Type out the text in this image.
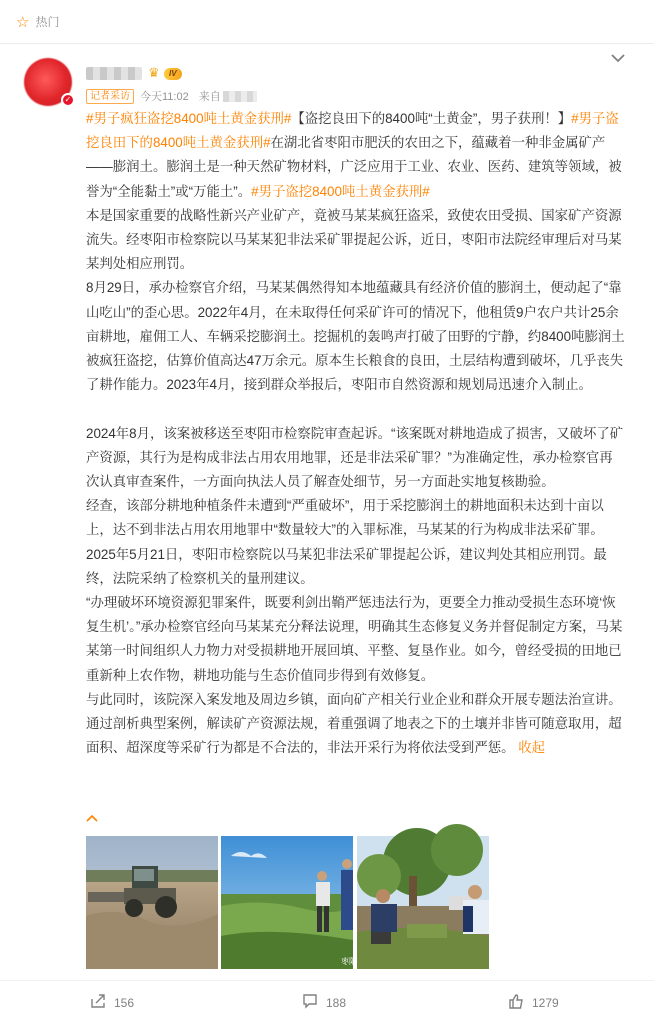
☆ 热门
✓
♛	IV
记者采访 今天11:02 来自

#男子疯狂盗挖8400吨土黄金获刑#【盗挖良田下的8400吨“土黄金”，男子获刑！】#男子盗挖良田下的8400吨土黄金获刑#在湖北省枣阳市肥沃的农田之下，蕴藏着一种非金属矿产——膨润土。膨润土是一种天然矿物材料，广泛应用于工业、农业、医药、建筑等领域，被誉为“全能黏土”或“万能土”。#男子盗挖8400吨土黄金获刑#

本是国家重要的战略性新兴产业矿产，竟被马某某疯狂盗采，致使农田受损、国家矿产资源流失。经枣阳市检察院以马某某犯非法采矿罪提起公诉，近日，枣阳市法院经审理后对马某某判处相应刑罚。

8月29日，承办检察官介绍，马某某偶然得知本地蕴藏具有经济价值的膨润土，便动起了“靠山吃山”的歪心思。2022年4月，在未取得任何采矿许可的情况下，他租赁9户农户共计25余亩耕地，雇佣工人、车辆采挖膨润土。挖掘机的轰鸣声打破了田野的宁静，约8400吨膨润土被疯狂盗挖，估算价值高达47万余元。原本生长粮食的良田，土层结构遭到破坏，几乎丧失了耕作能力。2023年4月，接到群众举报后，枣阳市自然资源和规划局迅速介入制止。

2024年8月，该案被移送至枣阳市检察院审查起诉。“该案既对耕地造成了损害，又破坏了矿产资源，其行为是构成非法占用农用地罪，还是非法采矿罪？”为准确定性，承办检察官再次认真审查案件，一方面向执法人员了解查处细节，另一方面赴实地复核勘验。

经查，该部分耕地种植条件未遭到“严重破坏”，用于采挖膨润土的耕地面积未达到十亩以上，达不到非法占用农用地罪中“数量较大”的入罪标准，马某某的行为构成非法采矿罪。2025年5月21日，枣阳市检察院以马某犯非法采矿罪提起公诉，建议判处其相应刑罚。最终，法院采纳了检察机关的量刑建议。

“办理破坏环境资源犯罪案件，既要利剑出鞘严惩违法行为，更要全力推动受损生态环境‘恢复生机’。”承办检察官经向马某某充分释法说理，明确其生态修复义务并督促制定方案，马某某第一时间组织人力物力对受损耕地开展回填、平整、复垦作业。如今，曾经受损的田地已重新种上农作物，耕地功能与生态价值同步得到有效修复。

与此同时，该院深入案发地及周边乡镇，面向矿产相关行业企业和群众开展专题法治宣讲。通过剖析典型案例，解读矿产资源法规，着重强调了地表之下的土壤并非皆可随意取用，超面积、超深度等采矿行为都是不合法的，非法开采行为将依法受到严惩。 收起

枣阳
156	188	1279
